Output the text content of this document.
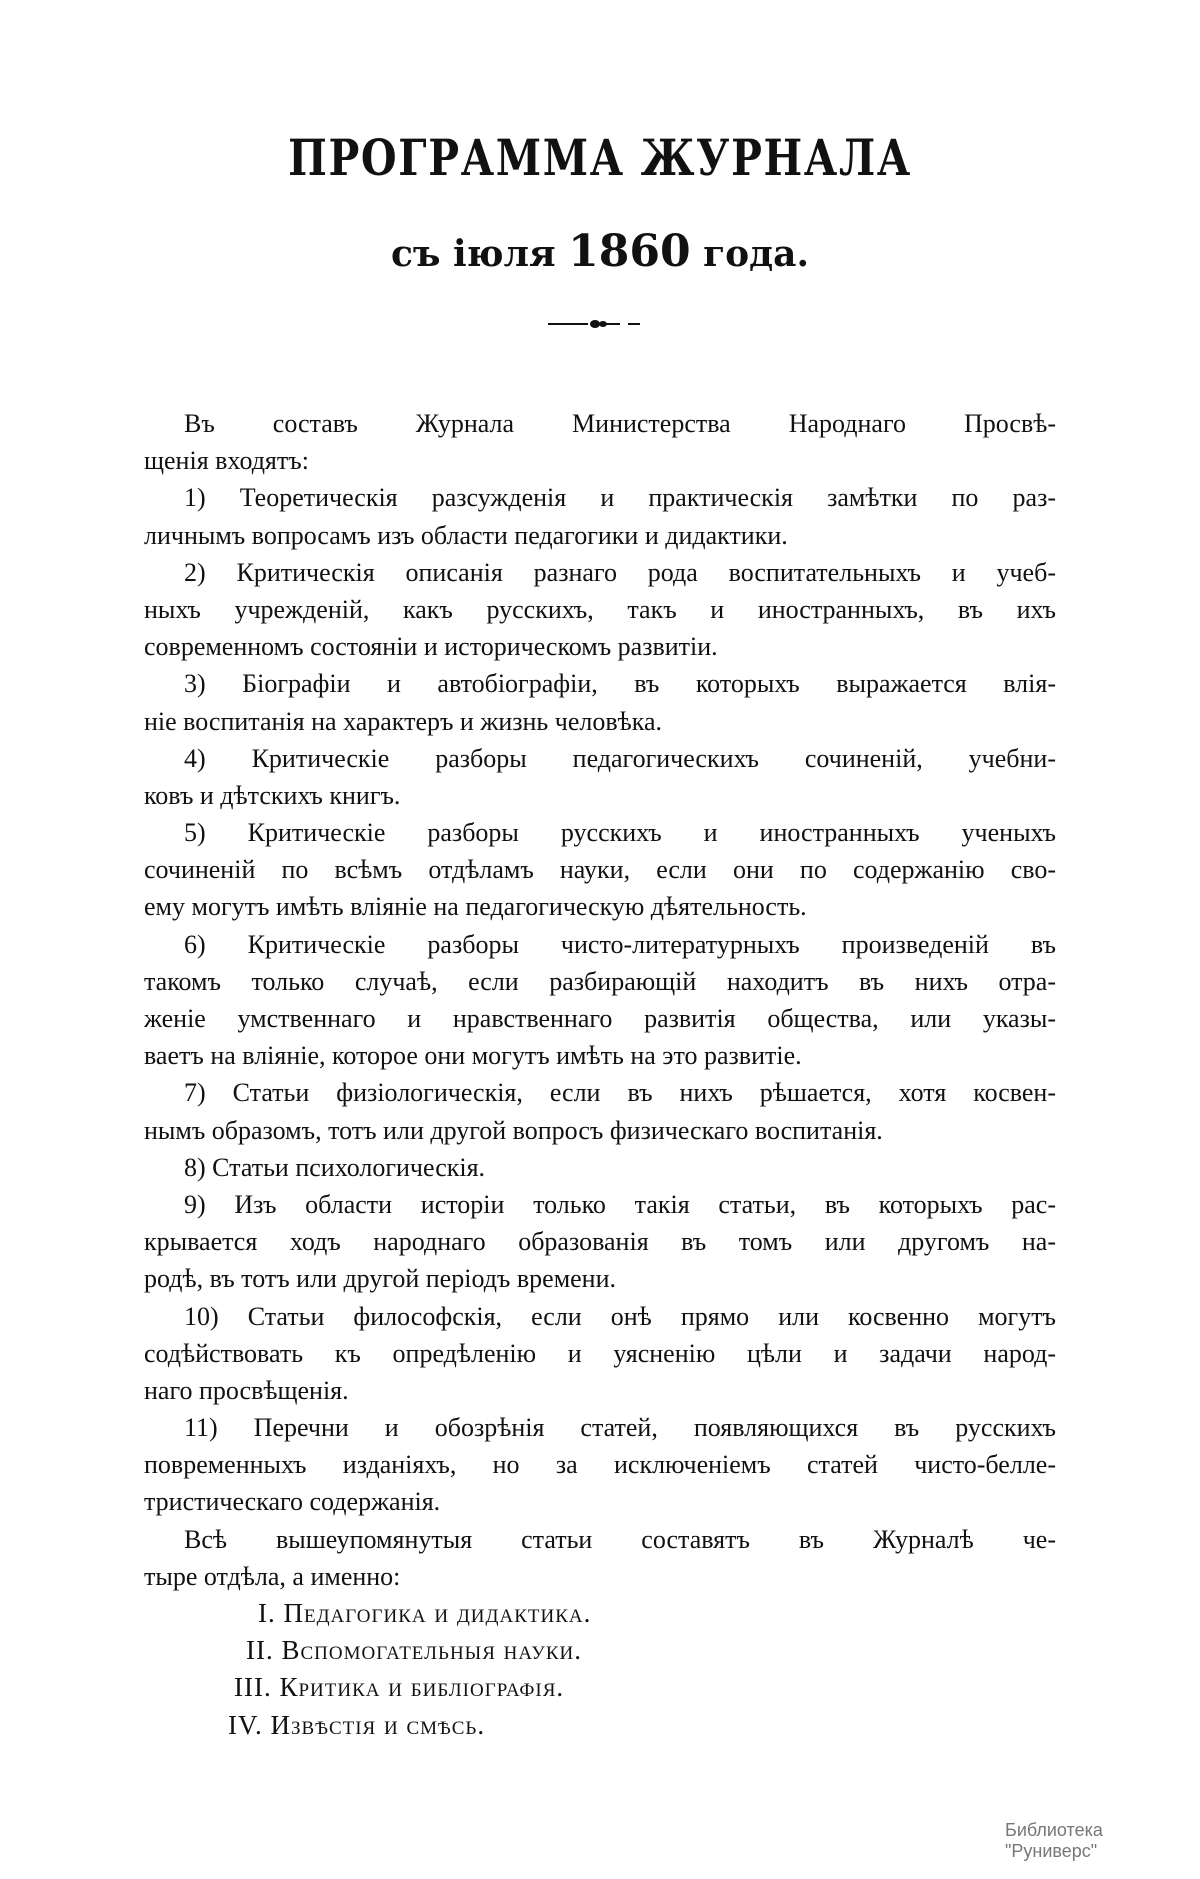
ПРОГРАММА ЖУРНАЛА
съ іюля 1860 года.
Въ составъ Журнала Министерства Народнаго Просвѣ-
щенія входятъ:
1) Теоретическія разсужденія и практическія замѣтки по раз-
личнымъ вопросамъ изъ области педагогики и дидактики.
2) Критическія описанія разнаго рода воспитательныхъ и учеб-
ныхъ учрежденій, какъ русскихъ, такъ и иностранныхъ, въ ихъ
современномъ состояніи и историческомъ развитіи.
3) Біографіи и автобіографіи, въ которыхъ выражается влія-
ніе воспитанія на характеръ и жизнь человѣка.
4) Критическіе разборы педагогическихъ сочиненій, учебни-
ковъ и дѣтскихъ книгъ.
5) Критическіе разборы русскихъ и иностранныхъ ученыхъ
сочиненій по всѣмъ отдѣламъ науки, если они по содержанію сво-
ему могутъ имѣть вліяніе на педагогическую дѣятельность.
6) Критическіе разборы чисто-литературныхъ произведеній въ
такомъ только случаѣ, если разбирающій находитъ въ нихъ отра-
женіе умственнаго и нравственнаго развитія общества, или указы-
ваетъ на вліяніе, которое они могутъ имѣть на это развитіе.
7) Статьи физіологическія, если въ нихъ рѣшается, хотя косвен-
нымъ образомъ, тотъ или другой вопросъ физическаго воспитанія.
8) Статьи психологическія.
9) Изъ области исторіи только такія статьи, въ которыхъ рас-
крывается ходъ народнаго образованія въ томъ или другомъ на-
родѣ, въ тотъ или другой періодъ времени.
10) Статьи философскія, если онѣ прямо или косвенно могутъ
содѣйствовать къ опредѣленію и уясненію цѣли и задачи народ-
наго просвѣщенія.
11) Перечни и обозрѣнія статей, появляющихся въ русскихъ
повременныхъ изданіяхъ, но за исключеніемъ статей чисто-белле-
тристическаго содержанія.
Всѣ вышеупомянутыя статьи составятъ въ Журналѣ че-
тыре отдѣла, а именно:
I. Педагогика и дидактика.
II. Вспомогательныя науки.
III. Критика и библіографія.
IV. Извѣстія и смѣсь.
Библиотека "Руниверс"
